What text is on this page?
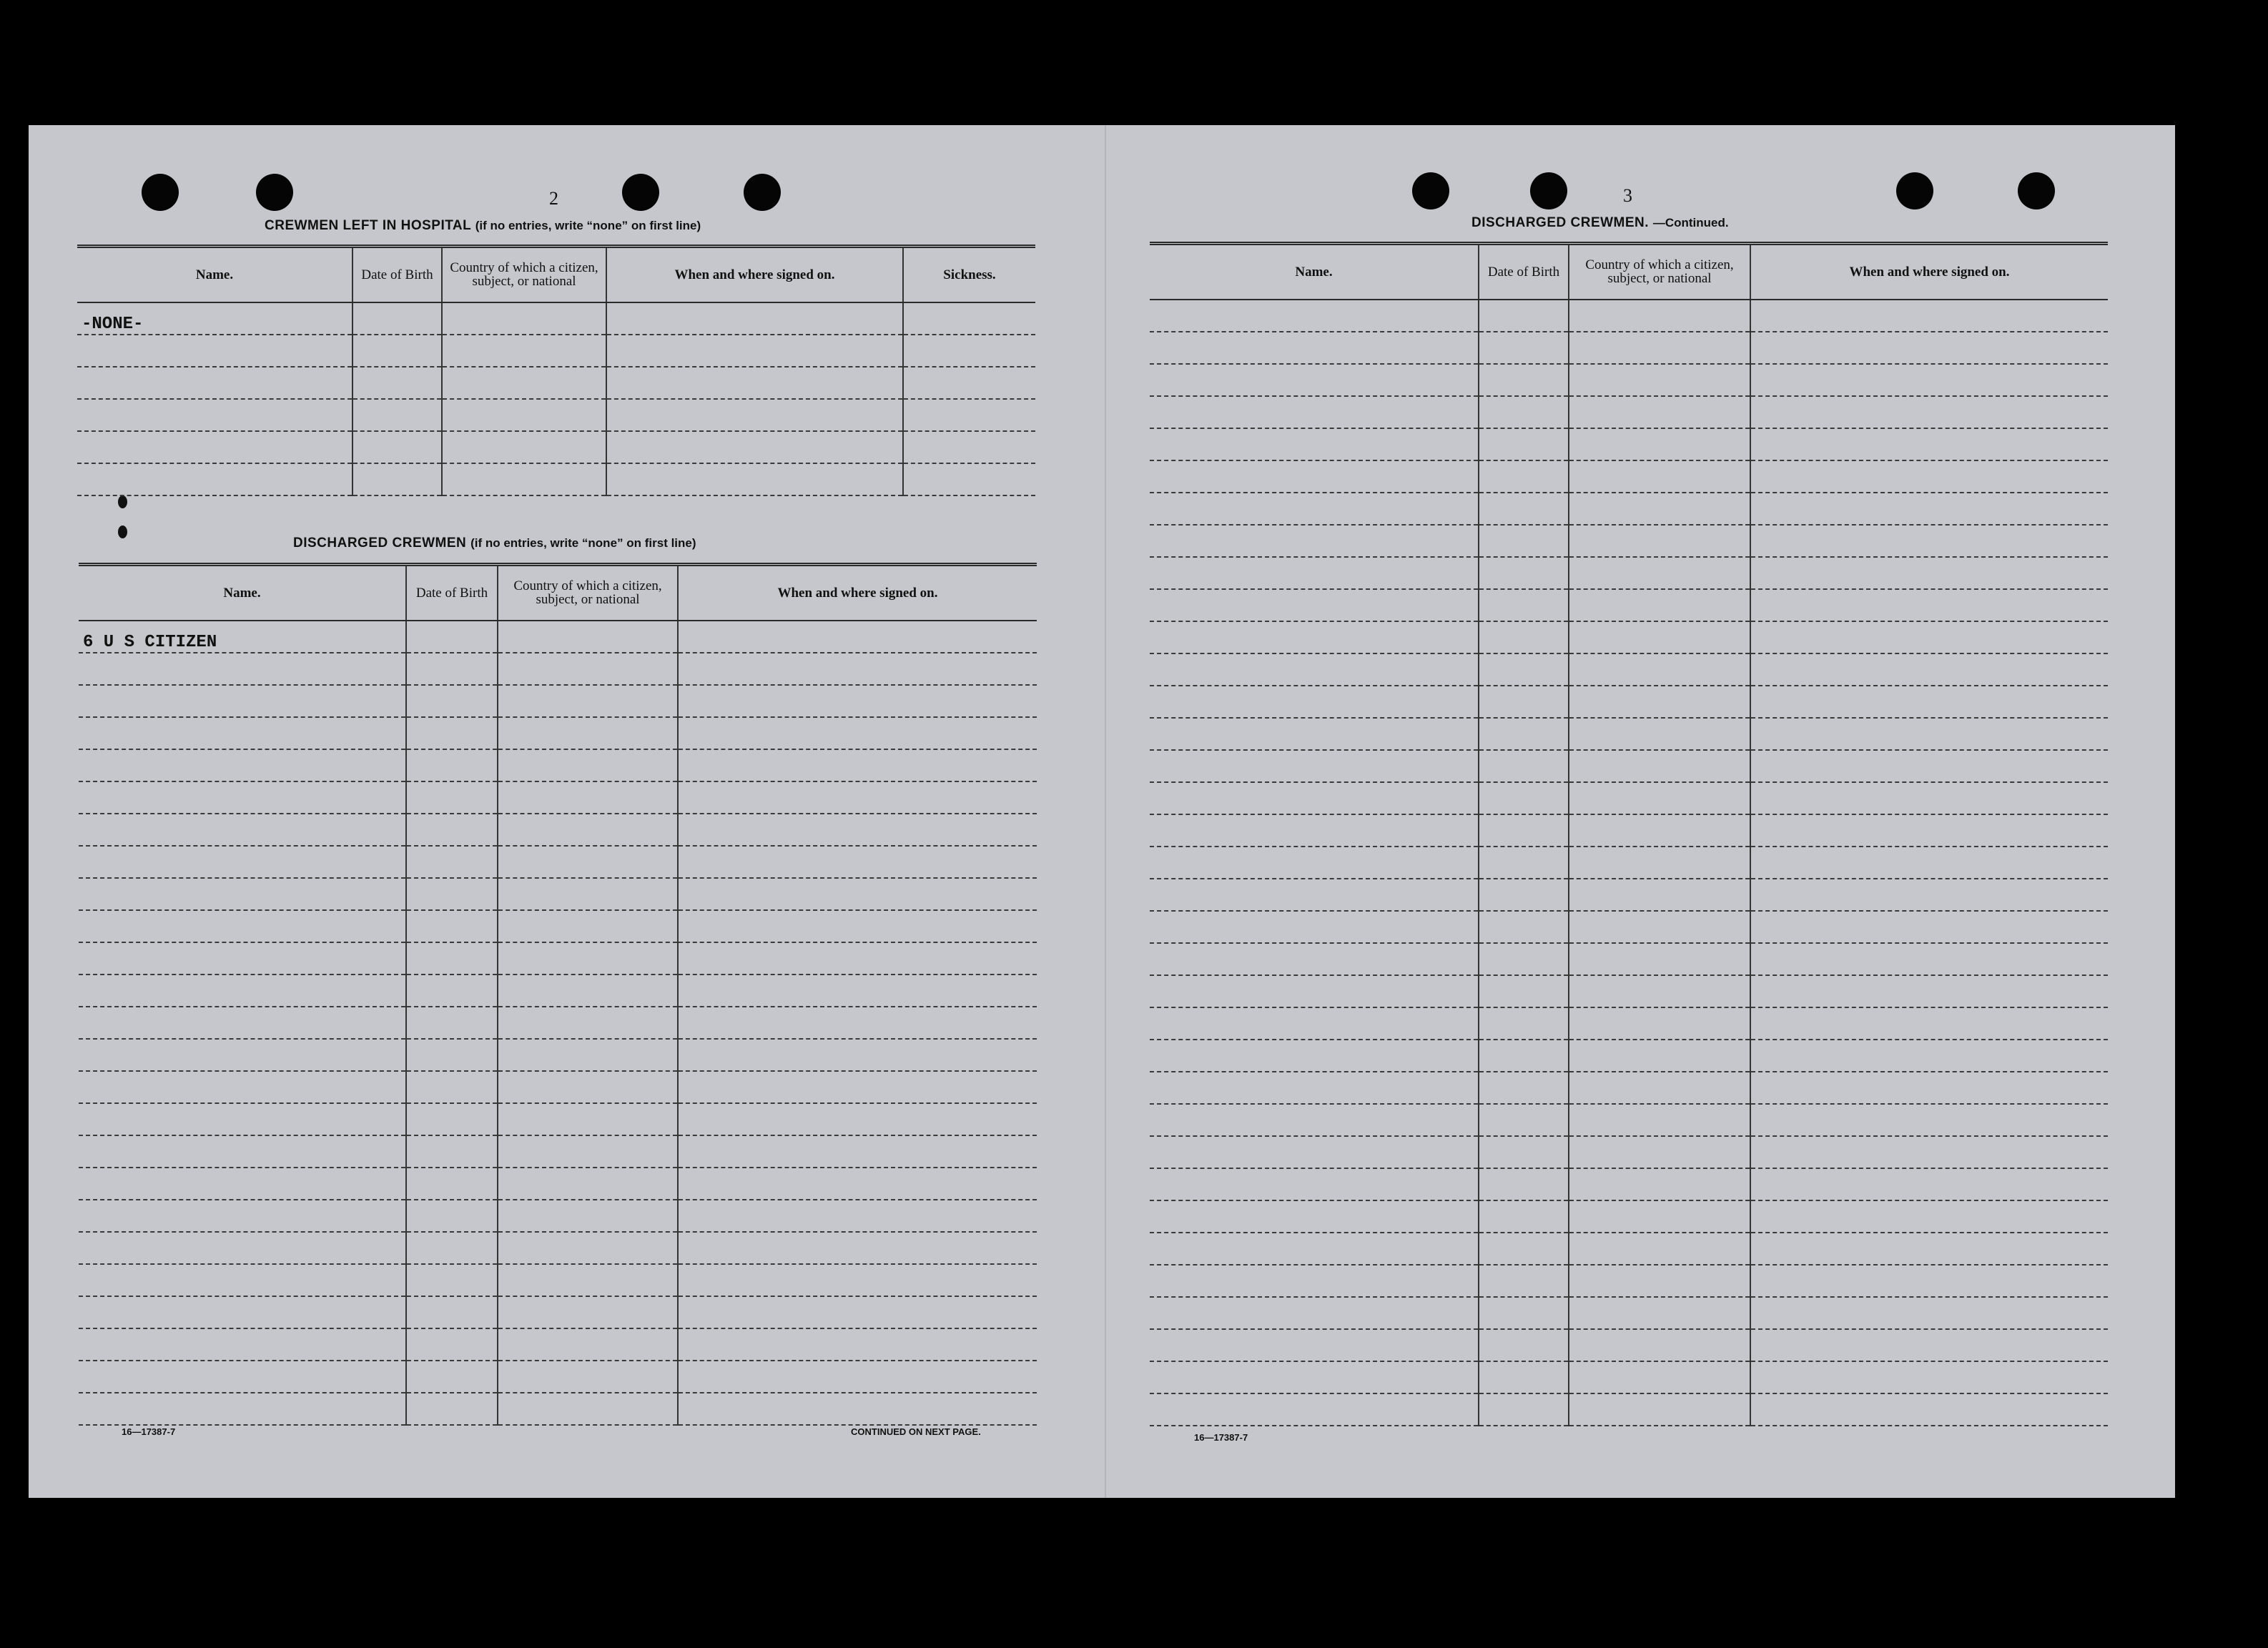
2
CREWMEN LEFT IN HOSPITAL (if no entries, write “none” on first line)
Name.	Date of Birth	Country of which a citizen, subject, or national	When and where signed on.	Sickness.
-NONE-				

DISCHARGED CREWMEN (if no entries, write “none” on first line)
Name.	Date of Birth	Country of which a citizen, subject, or national	When and where signed on.
6 U S CITIZEN			

16—17387-7	CONTINUED ON NEXT PAGE.
3
DISCHARGED CREWMEN. —Continued.
Name.	Date of Birth	Country of which a citizen, subject, or national	When and where signed on.

16—17387-7
